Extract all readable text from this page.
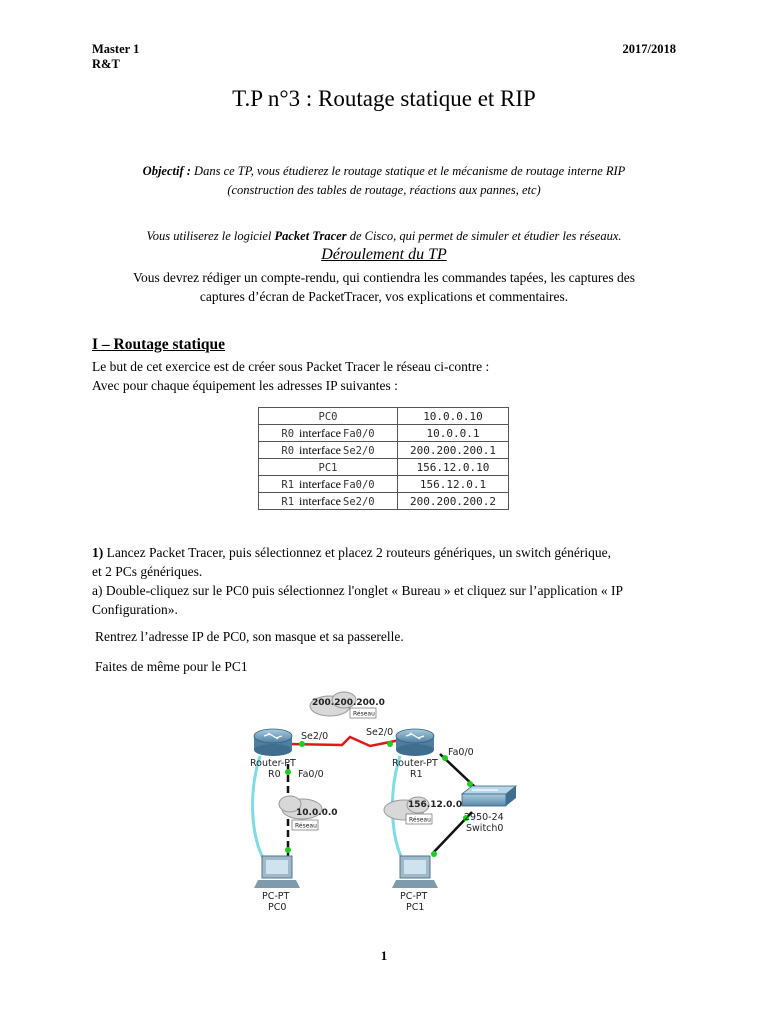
Master 1
R&T
2017/2018
T.P n°3 : Routage statique et RIP
Objectif : Dans ce TP, vous étudierez le routage statique et le mécanisme de routage interne RIP
(construction des tables de routage, réactions aux pannes, etc)
Vous utiliserez le logiciel Packet Tracer de Cisco, qui permet de simuler et étudier les réseaux.
Déroulement du TP
Vous devrez rédiger un compte-rendu, qui contiendra les commandes tapées, les captures des
captures d’écran de PacketTracer, vos explications et commentaires.
I – Routage statique
Le but de cet exercice est de créer sous Packet Tracer le réseau ci-contre :
Avec pour chaque équipement les adresses IP suivantes :
PC0	10.0.0.10
R0 interface Fa0/0	10.0.0.1
R0 interface Se2/0	200.200.200.1
PC1	156.12.0.10
R1 interface Fa0/0	156.12.0.1
R1 interface Se2/0	200.200.200.2
1) Lancez Packet Tracer, puis sélectionnez et placez 2 routeurs génériques, un switch générique,
et 2 PCs génériques.
a) Double-cliquez sur le PC0 puis sélectionnez l'onglet « Bureau » et cliquez sur l’application « IP
Configuration».
Rentrez l’adresse IP de PC0, son masque et sa passerelle.
Faites de même pour le PC1
200.200.200.0
Réseau
10.0.0.0
Réseau
156.12.0.0
Réseau
Se2/0	Se2/0
Fa0/0
Fa0/0
Router-PT
R0
Router-PT
R1
2950-24
Switch0
PC-PT
PC0
PC-PT
PC1
1
